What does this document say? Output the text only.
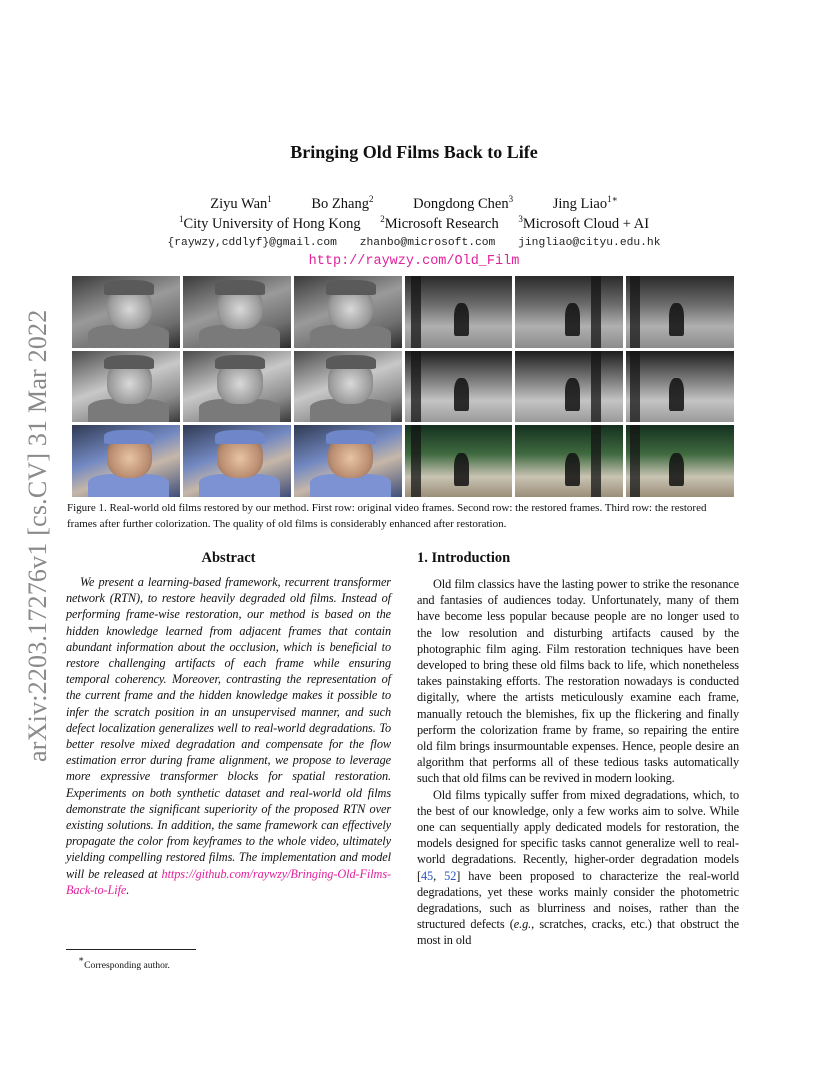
arXiv:2203.17276v1 [cs.CV] 31 Mar 2022
Bringing Old Films Back to Life
Ziyu Wan$^1$	Bo Zhang$^2$	Dongdong Chen$^3$	Jing Liao$^{1∗}$
$^1$City University of Hong Kong $^2$Microsoft Research $^3$Microsoft Cloud + AI
{raywzy,cddlyf}@gmail.com zhanbo@microsoft.com jingliao@cityu.edu.hk
http://raywzy.com/Old_Film
Figure 1. Real-world old films restored by our method. First row: original video frames. Second row: the restored frames. Third row: the restored frames after further colorization. The quality of old films is considerably enhanced after restoration.
Abstract

We present a learning-based framework, recurrent transformer network (RTN), to restore heavily degraded old films. Instead of performing frame-wise restoration, our method is based on the hidden knowledge learned from adjacent frames that contain abundant information about the occlusion, which is beneficial to restore challenging artifacts of each frame while ensuring temporal coherency. Moreover, contrasting the representation of the current frame and the hidden knowledge makes it possible to infer the scratch position in an unsupervised manner, and such defect localization generalizes well to real-world degradations. To better resolve mixed degradation and compensate for the flow estimation error during frame alignment, we propose to leverage more expressive transformer blocks for spatial restoration. Experiments on both synthetic dataset and real-world old films demonstrate the significant superiority of the proposed RTN over existing solutions. In addition, the same framework can effectively propagate the color from keyframes to the whole video, ultimately yielding compelling restored films. The implementation and model will be released at https://github.com/raywzy/Bringing-Old-Films-Back-to-Life.

1. Introduction

Old film classics have the lasting power to strike the resonance and fantasies of audiences today. Unfortunately, many of them have become less popular because people are no longer used to the low resolution and disturbing artifacts caused by the photographic film aging. Film restoration techniques have been developed to bring these old films back to life, which nonetheless takes painstaking efforts. The restoration nowadays is conducted digitally, where the artists meticulously examine each frame, manually retouch the blemishes, fix up the flickering and finally perform the colorization frame by frame, so repairing the entire old film brings insurmountable expenses. Hence, people desire an algorithm that performs all of these tedious tasks automatically such that old films can be revived in modern looking.

Old films typically suffer from mixed degradations, which, to the best of our knowledge, only a few works aim to solve. While one can sequentially apply dedicated models for restoration, the models designed for specific tasks cannot generalize well to real-world degradations. Recently, higher-order degradation models [45, 52] have been proposed to characterize the real-world degradations, yet these works mainly consider the photometric degradations, such as blurriness and noises, rather than the structured defects (e.g., scratches, cracks, etc.) that obstruct the most in old

∗Corresponding author.
